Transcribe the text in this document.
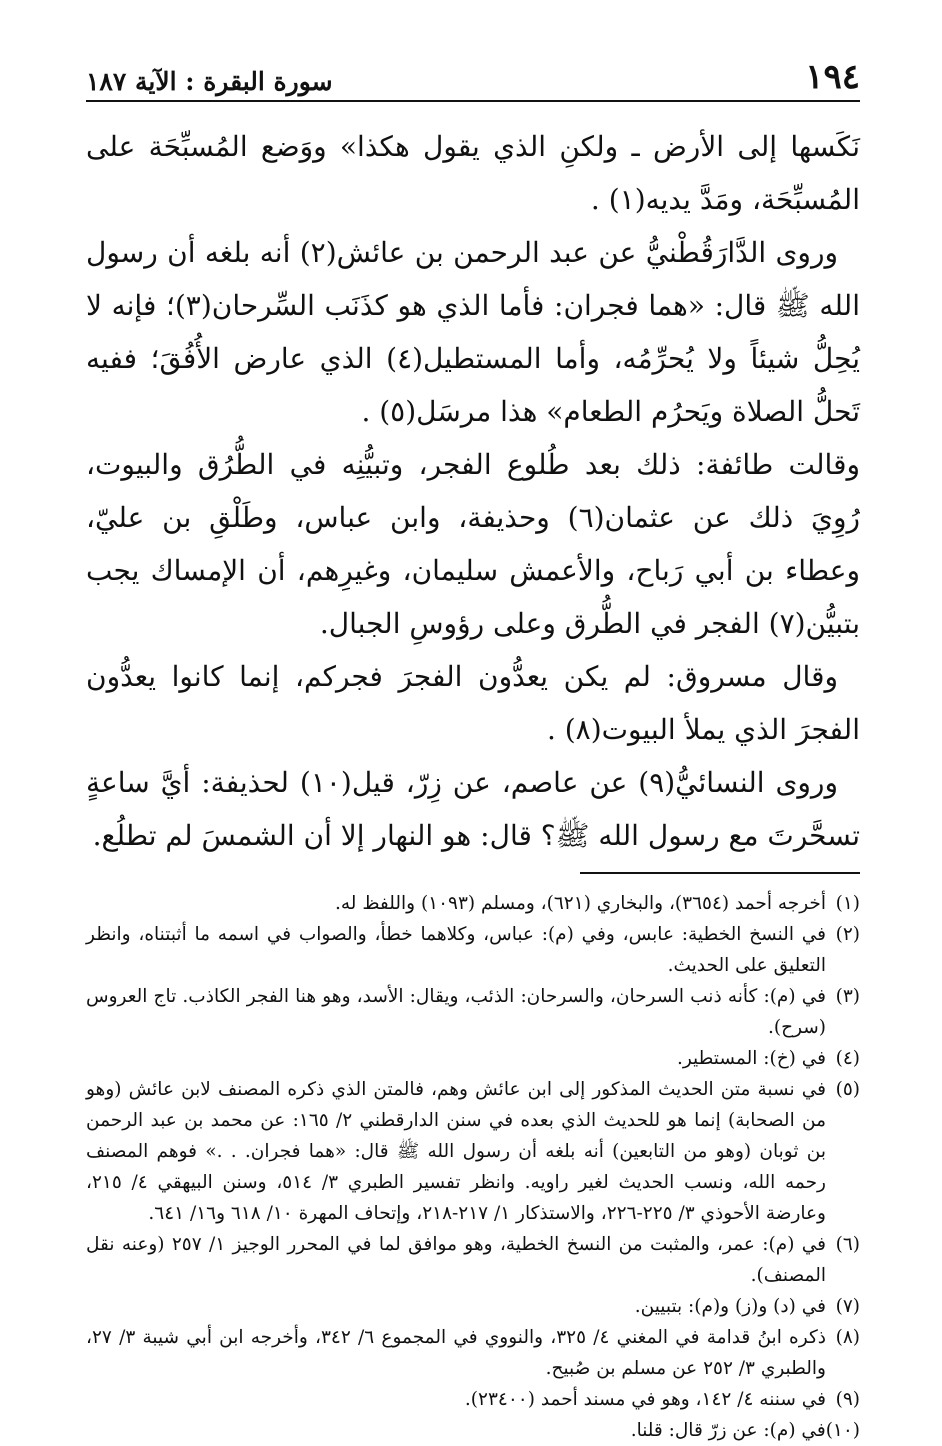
١٩٤
سورة البقرة : الآية ١٨٧

نَكَسها إلى الأرض ـ ولكنِ الذي يقول هكذا» ووَضع المُسبِّحَة على المُسبِّحَة، ومَدَّ يديه(١) .

وروى الدَّارَقُطْنيُّ عن عبد الرحمن بن عائش(٢) أنه بلغه أن رسول الله ﷺ قال: «هما فجران: فأما الذي هو كذَنَب السِّرحان(٣)؛ فإنه لا يُحِلُّ شيئاً ولا يُحرِّمُه، وأما المستطيل(٤) الذي عارض الأُفُقَ؛ ففيه تَحلُّ الصلاة ويَحرُم الطعام» هذا مرسَل(٥) .

وقالت طائفة: ذلك بعد طُلوع الفجر، وتبيُّنِه في الطُّرُق والبيوت، رُوِيَ ذلك عن عثمان(٦) وحذيفة، وابن عباس، وطَلْقِ بن عليّ، وعطاء بن أبي رَباح، والأعمش سليمان، وغيرِهم، أن الإمساك يجب بتبيُّن(٧) الفجر في الطُّرق وعلى رؤوسِ الجبال.

وقال مسروق: لم يكن يعدُّون الفجرَ فجركم، إنما كانوا يعدُّون الفجرَ الذي يملأ البيوت(٨) .

وروى النسائيُّ(٩) عن عاصم، عن زِرّ، قيل(١٠) لحذيفة: أيَّ ساعةٍ تسحَّرتَ مع رسول الله ﷺ؟ قال: هو النهار إلا أن الشمسَ لم تطلُع.

(١)
أخرجه أحمد (٣٦٥٤)، والبخاري (٦٢١)، ومسلم (١٠٩٣) واللفظ له.
(٢)
في النسخ الخطية: عابس، وفي (م): عباس، وكلاهما خطأ، والصواب في اسمه ما أثبتناه، وانظر التعليق على الحديث.
(٣)
في (م): كأنه ذنب السرحان، والسرحان: الذئب، ويقال: الأسد، وهو هنا الفجر الكاذب. تاج العروس (سرح).
(٤)
في (خ): المستطير.
(٥)
في نسبة متن الحديث المذكور إلى ابن عائش وهم، فالمتن الذي ذكره المصنف لابن عائش (وهو من الصحابة) إنما هو للحديث الذي بعده في سنن الدارقطني ٢/ ١٦٥: عن محمد بن عبد الرحمن بن ثوبان (وهو من التابعين) أنه بلغه أن رسول الله ﷺ قال: «هما فجران. . .» فوهم المصنف رحمه الله، ونسب الحديث لغير راويه. وانظر تفسير الطبري ٣/ ٥١٤، وسنن البيهقي ٤/ ٢١٥، وعارضة الأحوذي ٣/ ٢٢٥-٢٢٦، والاستذكار ١/ ٢١٧-٢١٨، وإتحاف المهرة ١٠/ ٦١٨ و١٦/ ٦٤١.
(٦)
في (م): عمر، والمثبت من النسخ الخطية، وهو موافق لما في المحرر الوجيز ١/ ٢٥٧ (وعنه نقل المصنف).
(٧)
في (د) و(ز) و(م): بتبيين.
(٨)
ذكره ابنُ قدامة في المغني ٤/ ٣٢٥، والنووي في المجموع ٦/ ٣٤٢، وأخرجه ابن أبي شيبة ٣/ ٢٧، والطبري ٣/ ٢٥٢ عن مسلم بن صُبيح.
(٩)
في سننه ٤/ ١٤٢، وهو في مسند أحمد (٢٣٤٠٠).
(١٠)
في (م): عن زرّ قال: قلنا.
